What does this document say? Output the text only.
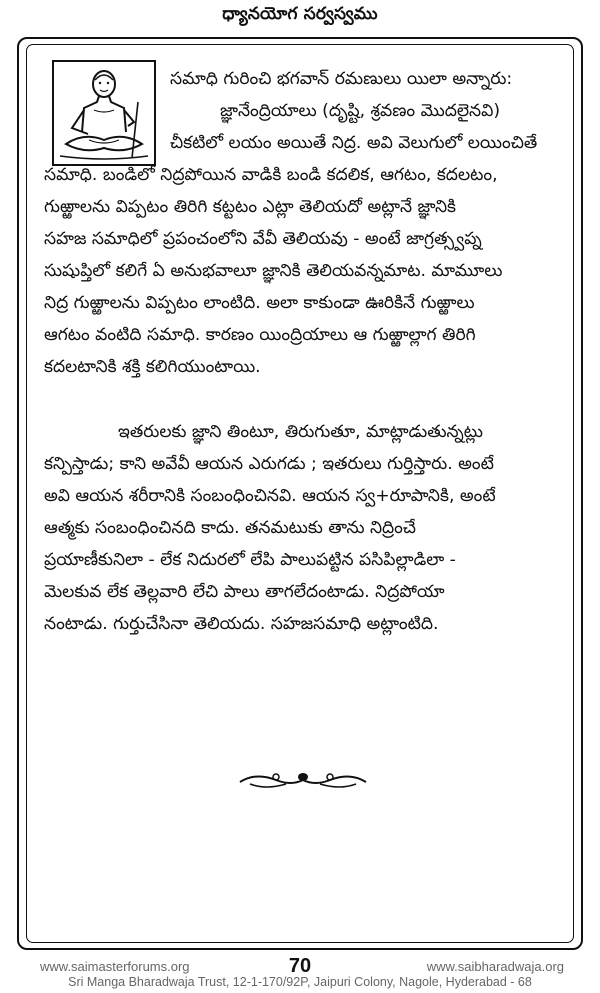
ధ్యానయోగ సర్వస్వము
సమాధి గురించి భగవాన్ రమణులు యిలా అన్నారు:
జ్ఞానేంద్రియాలు (దృష్టి, శ్రవణం మొదలైనవి)
చీకటిలో లయం అయితే నిద్ర. అవి వెలుగులో లయించితే
సమాధి. బండిలో నిద్రపోయిన వాడికి బండి కదలిక, ఆగటం, కదలటం,
గుఱ్ఱాలను విప్పటం తిరిగి కట్టటం ఎట్లా తెలియదో అట్లానే జ్ఞానికి
సహజ సమాధిలో ప్రపంచంలోని వేవీ తెలియవు - అంటే జాగ్రత్స్వప్న
సుషుప్తిలో కలిగే ఏ అనుభవాలూ జ్ఞానికి తెలియవన్నమాట. మామూలు
నిద్ర గుఱ్ఱాలను విప్పటం లాంటిది. అలా కాకుండా ఊరికినే గుఱ్ఱాలు
ఆగటం వంటిది సమాధి. కారణం యింద్రియాలు ఆ గుఱ్ఱాల్లాగ తిరిగి
కదలటానికి శక్తి కలిగియుంటాయి.
ఇతరులకు జ్ఞాని తింటూ, తిరుగుతూ, మాట్లాడుతున్నట్లు
కన్పిస్తాడు; కాని అవేవీ ఆయన ఎరుగడు ; ఇతరులు గుర్తిస్తారు. అంటే
అవి ఆయన శరీరానికి సంబంధించినవి. ఆయన స్వ+రూపానికి, అంటే
ఆత్మకు సంబంధించినది కాదు. తనమటుకు తాను నిద్రించే
ప్రయాణీకునిలా - లేక నిదురలో లేపి పాలుపట్టిన పసిపిల్లాడిలా -
మెలకువ లేక తెల్లవారి లేచి పాలు తాగలేదంటాడు. నిద్రపోయా
నంటాడు. గుర్తుచేసినా తెలియదు. సహజసమాధి అట్లాంటిది.
www.saimasterforums.org	70	www.saibharadwaja.org
Sri Manga Bharadwaja Trust, 12-1-170/92P, Jaipuri Colony, Nagole, Hyderabad - 68
